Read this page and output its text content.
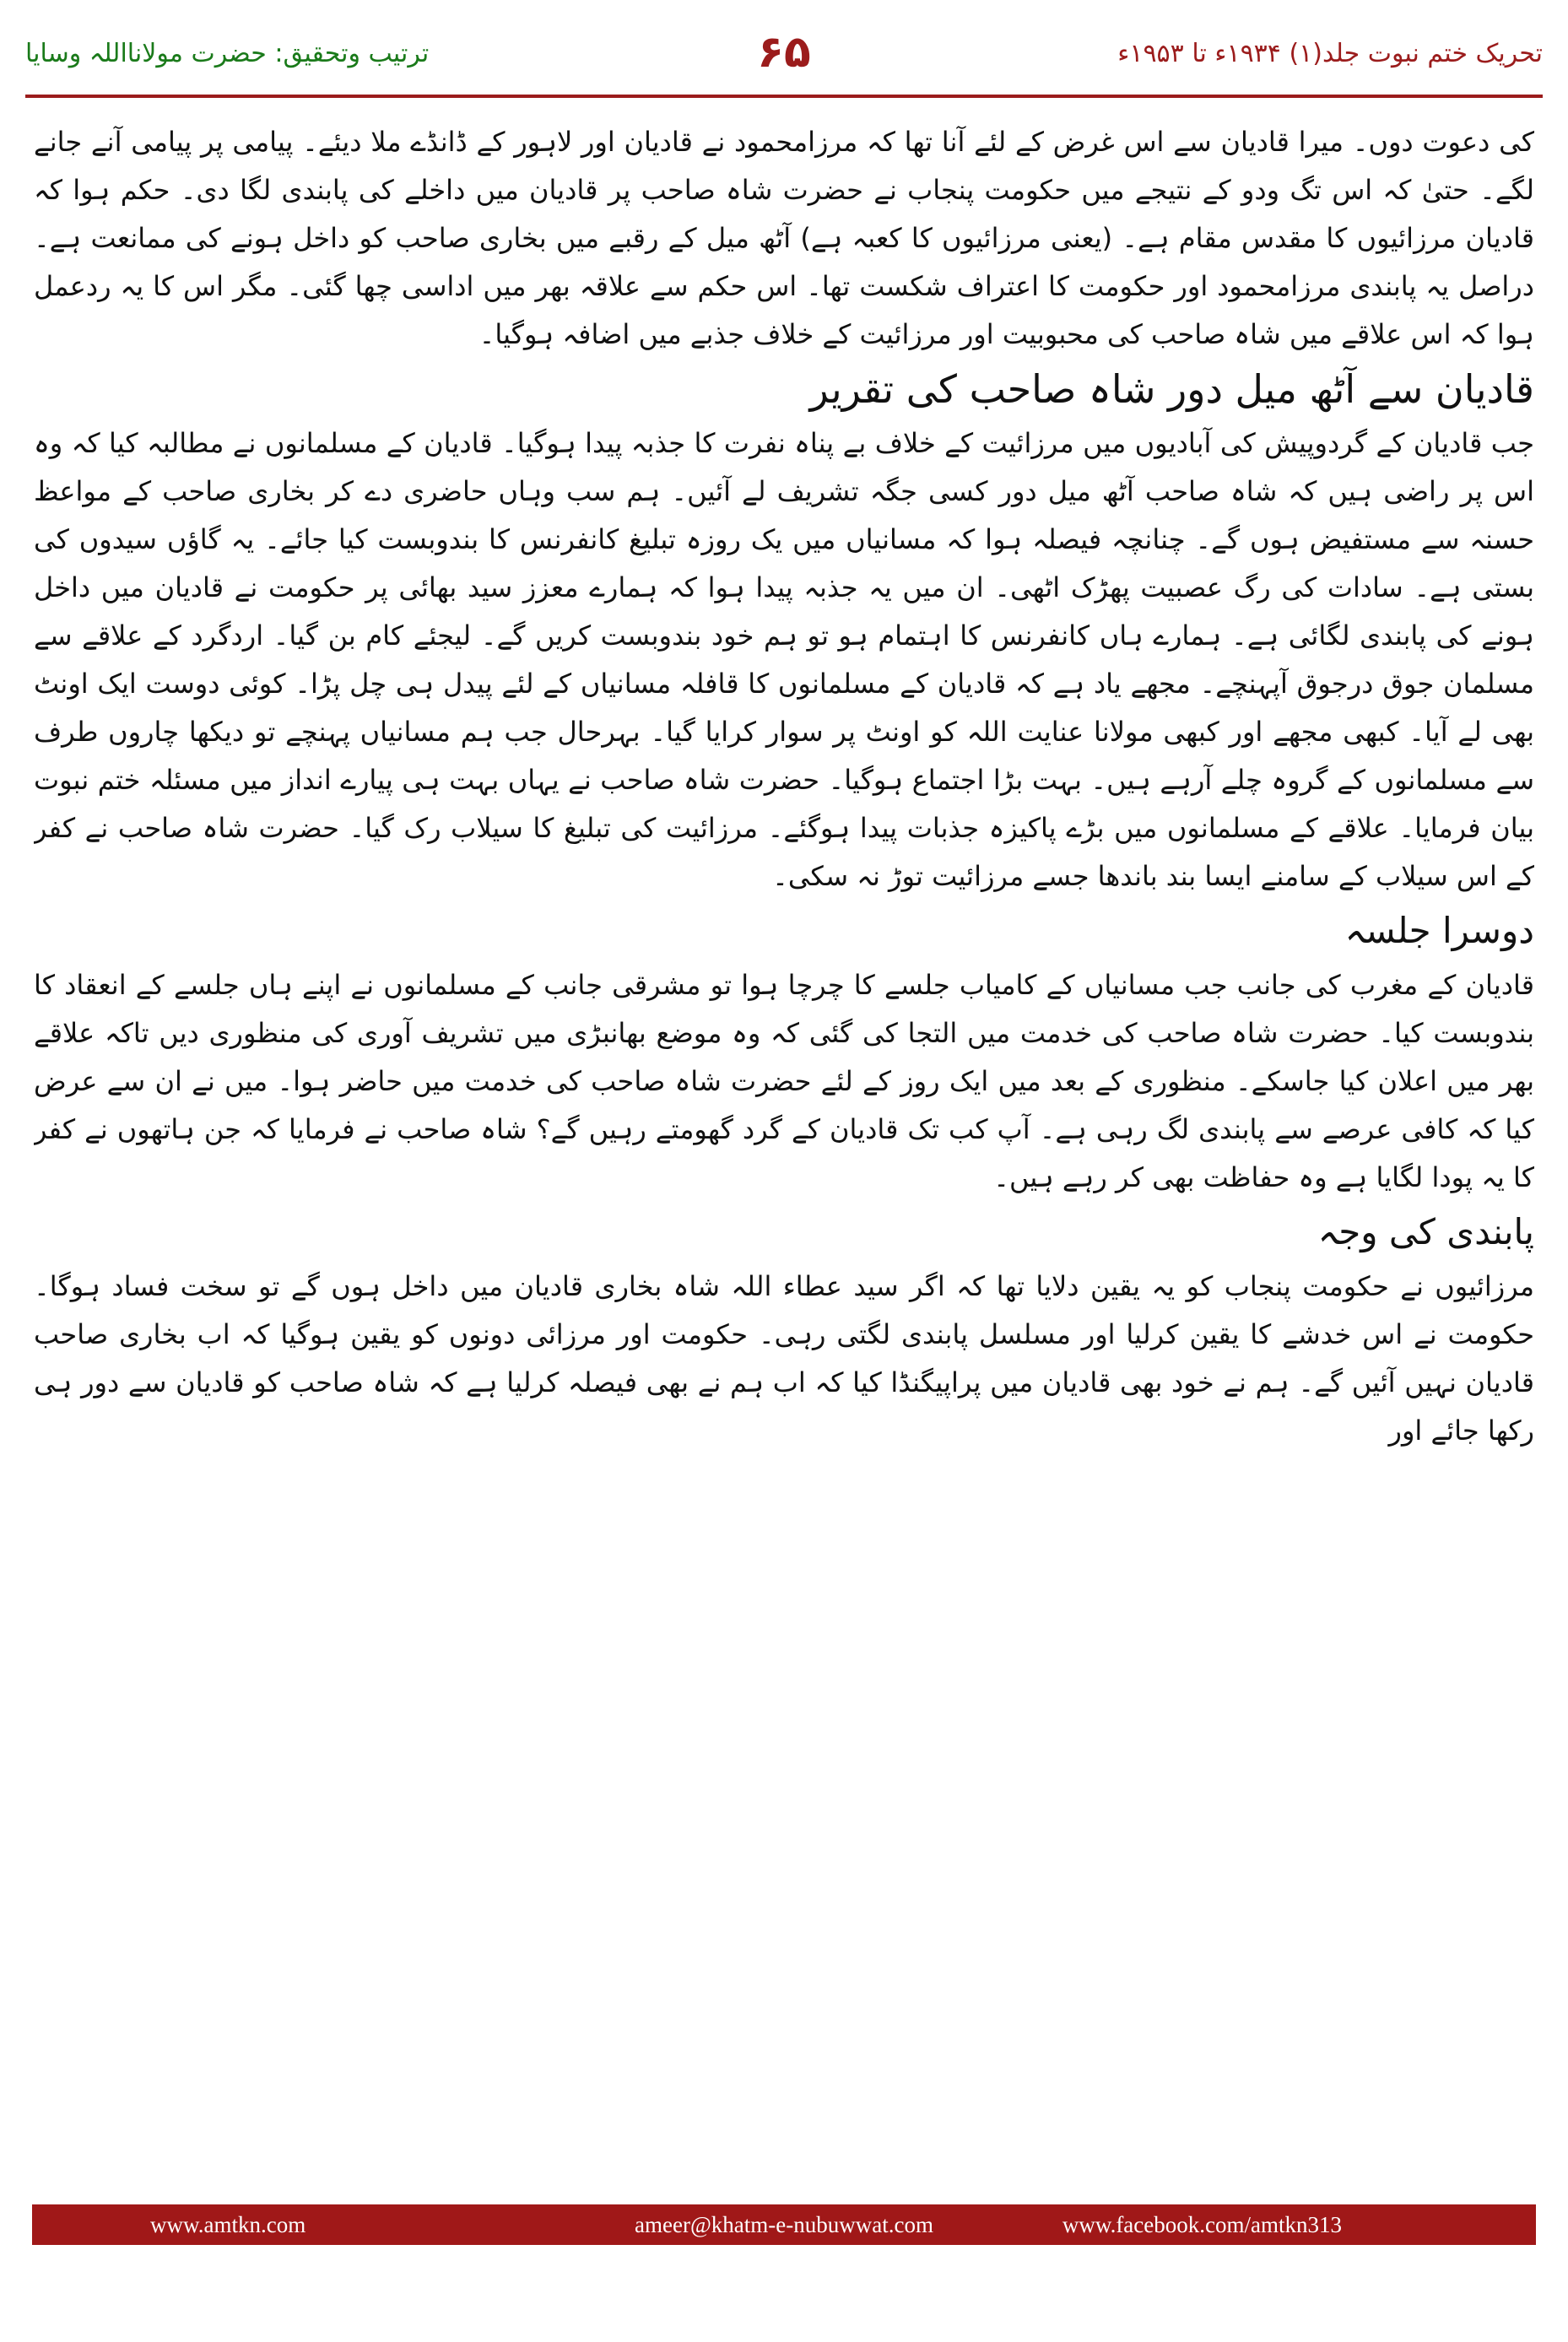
ترتیب وتحقیق: حضرت مولانااللہ وسایا	۶۵	تحریک ختم نبوت جلد(۱) ۱۹۳۴ء تا ۱۹۵۳ء

کی دعوت دوں۔ میرا قادیان سے اس غرض کے لئے آنا تھا کہ مرزامحمود نے قادیان اور لاہور کے ڈانڈے ملا دیئے۔ پیامی پر پیامی آنے جانے لگے۔ حتیٰ کہ اس تگ ودو کے نتیجے میں حکومت پنجاب نے حضرت شاہ صاحب پر قادیان میں داخلے کی پابندی لگا دی۔ حکم ہوا کہ قادیان مرزائیوں کا مقدس مقام ہے۔ (یعنی مرزائیوں کا کعبہ ہے) آٹھ میل کے رقبے میں بخاری صاحب کو داخل ہونے کی ممانعت ہے۔ دراصل یہ پابندی مرزامحمود اور حکومت کا اعتراف شکست تھا۔ اس حکم سے علاقہ بھر میں اداسی چھا گئی۔ مگر اس کا یہ ردعمل ہوا کہ اس علاقے میں شاہ صاحب کی محبوبیت اور مرزائیت کے خلاف جذبے میں اضافہ ہوگیا۔

قادیان سے آٹھ میل دور شاہ صاحب کی تقریر

جب قادیان کے گردوپیش کی آبادیوں میں مرزائیت کے خلاف بے پناہ نفرت کا جذبہ پیدا ہوگیا۔ قادیان کے مسلمانوں نے مطالبہ کیا کہ وہ اس پر راضی ہیں کہ شاہ صاحب آٹھ میل دور کسی جگہ تشریف لے آئیں۔ ہم سب وہاں حاضری دے کر بخاری صاحب کے مواعظ حسنہ سے مستفیض ہوں گے۔ چنانچہ فیصلہ ہوا کہ مسانیاں میں یک روزہ تبلیغ کانفرنس کا بندوبست کیا جائے۔ یہ گاؤں سیدوں کی بستی ہے۔ سادات کی رگ عصبیت پھڑک اٹھی۔ ان میں یہ جذبہ پیدا ہوا کہ ہمارے معزز سید بھائی پر حکومت نے قادیان میں داخل ہونے کی پابندی لگائی ہے۔ ہمارے ہاں کانفرنس کا اہتمام ہو تو ہم خود بندوبست کریں گے۔ لیجئے کام بن گیا۔ اردگرد کے علاقے سے مسلمان جوق درجوق آپہنچے۔ مجھے یاد ہے کہ قادیان کے مسلمانوں کا قافلہ مسانیاں کے لئے پیدل ہی چل پڑا۔ کوئی دوست ایک اونٹ بھی لے آیا۔ کبھی مجھے اور کبھی مولانا عنایت اللہ کو اونٹ پر سوار کرایا گیا۔ بہرحال جب ہم مسانیاں پہنچے تو دیکھا چاروں طرف سے مسلمانوں کے گروہ چلے آرہے ہیں۔ بہت بڑا اجتماع ہوگیا۔ حضرت شاہ صاحب نے یہاں بہت ہی پیارے انداز میں مسئلہ ختم نبوت بیان فرمایا۔ علاقے کے مسلمانوں میں بڑے پاکیزہ جذبات پیدا ہوگئے۔ مرزائیت کی تبلیغ کا سیلاب رک گیا۔ حضرت شاہ صاحب نے کفر کے اس سیلاب کے سامنے ایسا بند باندھا جسے مرزائیت توڑ نہ سکی۔

دوسرا جلسہ

قادیان کے مغرب کی جانب جب مسانیاں کے کامیاب جلسے کا چرچا ہوا تو مشرقی جانب کے مسلمانوں نے اپنے ہاں جلسے کے انعقاد کا بندوبست کیا۔ حضرت شاہ صاحب کی خدمت میں التجا کی گئی کہ وہ موضع بھانبڑی میں تشریف آوری کی منظوری دیں تاکہ علاقے بھر میں اعلان کیا جاسکے۔ منظوری کے بعد میں ایک روز کے لئے حضرت شاہ صاحب کی خدمت میں حاضر ہوا۔ میں نے ان سے عرض کیا کہ کافی عرصے سے پابندی لگ رہی ہے۔ آپ کب تک قادیان کے گرد گھومتے رہیں گے؟ شاہ صاحب نے فرمایا کہ جن ہاتھوں نے کفر کا یہ پودا لگایا ہے وہ حفاظت بھی کر رہے ہیں۔

پابندی کی وجہ

مرزائیوں نے حکومت پنجاب کو یہ یقین دلایا تھا کہ اگر سید عطاء اللہ شاہ بخاری قادیان میں داخل ہوں گے تو سخت فساد ہوگا۔ حکومت نے اس خدشے کا یقین کرلیا اور مسلسل پابندی لگتی رہی۔ حکومت اور مرزائی دونوں کو یقین ہوگیا کہ اب بخاری صاحب قادیان نہیں آئیں گے۔ ہم نے خود بھی قادیان میں پراپیگنڈا کیا کہ اب ہم نے بھی فیصلہ کرلیا ہے کہ شاہ صاحب کو قادیان سے دور ہی رکھا جائے اور

www.amtkn.com	ameer@khatm-e-nubuwwat.com	www.facebook.com/amtkn313
